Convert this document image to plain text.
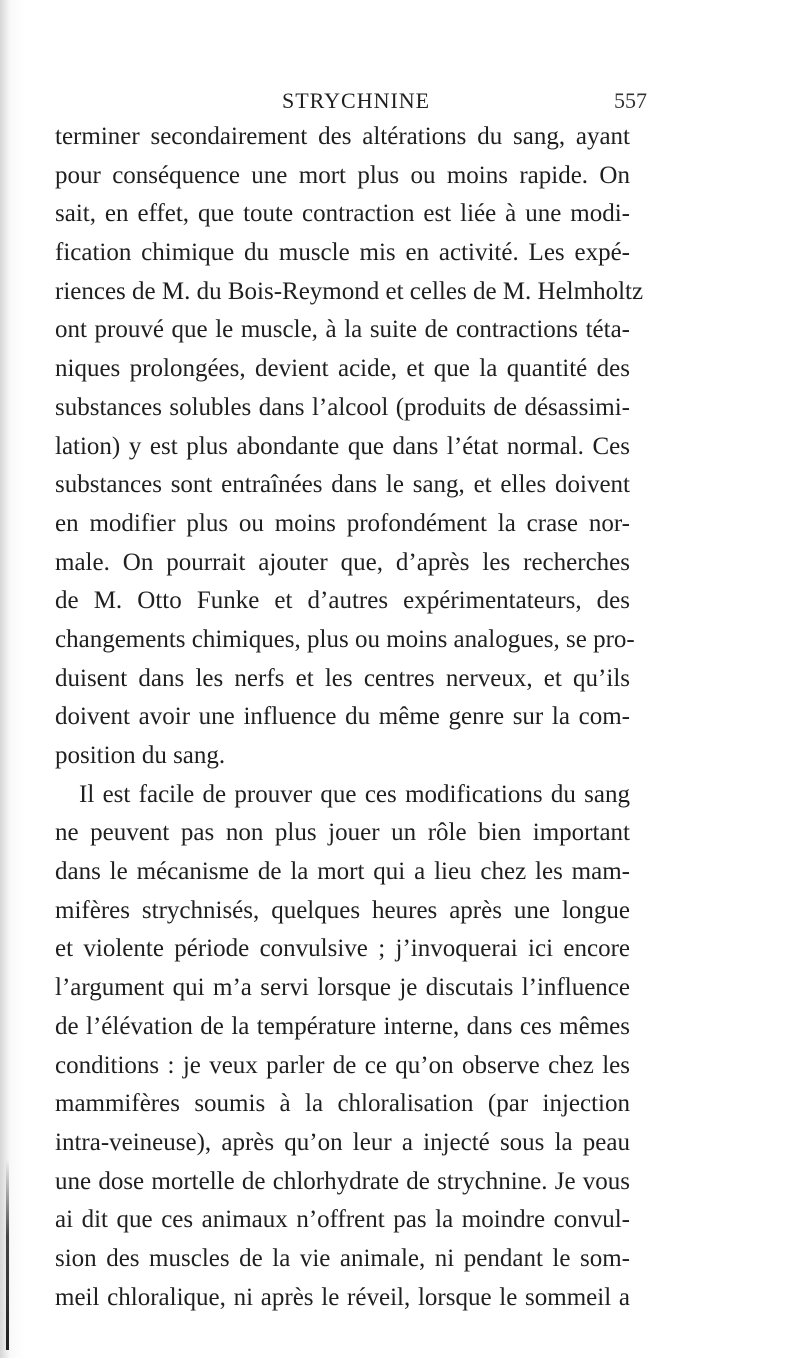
STRYCHNINE	557
terminer secondairement des altérations du sang, ayant
pour conséquence une mort plus ou moins rapide. On
sait, en effet, que toute contraction est liée à une modi-
fication chimique du muscle mis en activité. Les expé-
riences de M. du Bois-Reymond et celles de M. Helmholtz
ont prouvé que le muscle, à la suite de contractions téta-
niques prolongées, devient acide, et que la quantité des
substances solubles dans l’alcool (produits de désassimi-
lation) y est plus abondante que dans l’état normal. Ces
substances sont entraînées dans le sang, et elles doivent
en modifier plus ou moins profondément la crase nor-
male. On pourrait ajouter que, d’après les recherches
de M. Otto Funke et d’autres expérimentateurs, des
changements chimiques, plus ou moins analogues, se pro-
duisent dans les nerfs et les centres nerveux, et qu’ils
doivent avoir une influence du même genre sur la com-
position du sang.
Il est facile de prouver que ces modifications du sang
ne peuvent pas non plus jouer un rôle bien important
dans le mécanisme de la mort qui a lieu chez les mam-
mifères strychnisés, quelques heures après une longue
et violente période convulsive ; j’invoquerai ici encore
l’argument qui m’a servi lorsque je discutais l’influence
de l’élévation de la température interne, dans ces mêmes
conditions : je veux parler de ce qu’on observe chez les
mammifères soumis à la chloralisation (par injection
intra-veineuse), après qu’on leur a injecté sous la peau
une dose mortelle de chlorhydrate de strychnine. Je vous
ai dit que ces animaux n’offrent pas la moindre convul-
sion des muscles de la vie animale, ni pendant le som-
meil chloralique, ni après le réveil, lorsque le sommeil a
